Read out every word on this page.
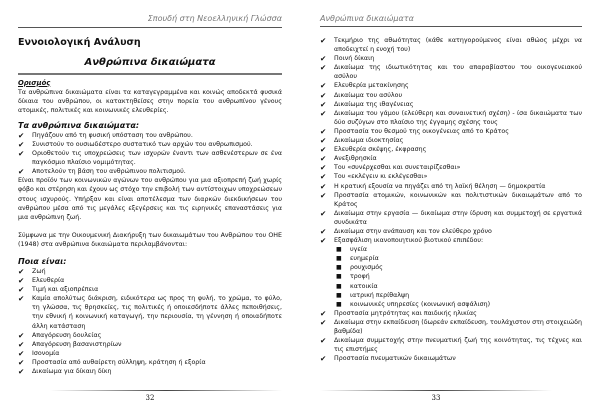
Σπουδή στη Νεοελληνική Γλώσσα
Εννοιολογική Ανάλυση
Ανθρώπινα δικαιώματα
Ορισμός

Τα ανθρώπινα δικαιώματα είναι τα καταγεγραμμένα και κοινώς αποδεκτά φυσικά δίκαια του ανθρώπου, οι κατακτηθείσες στην πορεία του ανθρωπίνου γένους ατομικές, πολιτικές και κοινωνικές ελευθερίες.

Τα ανθρώπινα δικαιώματα:
✔ Πηγάζουν από τη φυσική υπόσταση του ανθρώπου.
✔ Συνιστούν το ουσιωδέστερο συστατικό των αρχών του ανθρωπισμού.
✔ Οριοθετούν τις υποχρεώσεις των ισχυρών έναντι των ασθενέστερων σε ένα παγκόσμιο πλαίσιο νομιμότητας.
✔ Αποτελούν τη βάση του ανθρώπινου πολιτισμού.

Είναι προϊόν των κοινωνικών αγώνων του ανθρώπου για μια αξιοπρεπή ζωή χωρίς φόβο και στέρηση και έχουν ως στόχο την επιβολή των αντίστοιχων υποχρεώσεων στους ισχυρούς. Υπήρξαν και είναι αποτέλεσμα των διαρκών διεκδικήσεων του ανθρώπου μέσα από τις μεγάλες εξεγέρσεις και τις ειρηνικές επαναστάσεις για μια ανθρώπινη ζωή.

Σύμφωνα με την Οικουμενική Διακήρυξη των δικαιωμάτων του Ανθρώπου του ΟΗΕ (1948) στα ανθρώπινα δικαιώματα περιλαμβάνονται:

Ποια είναι:
✔ Ζωή
✔ Ελευθερία
✔ Τιμή και αξιοπρέπεια
✔ Καμία απολύτως διάκριση, ειδικότερα ως προς τη φυλή, το χρώμα, το φύλο, τη γλώσσα, τις θρησκείες, τις πολιτικές ή οποιεσδήποτε άλλες πεποιθήσεις, την εθνική ή κοινωνική καταγωγή, την περιουσία, τη γέννηση ή οποιαδήποτε άλλη κατάσταση
✔ Απαγόρευση δουλείας
✔ Απαγόρευση βασανιστηρίων
✔ Ισονομία
✔ Προστασία από αυθαίρετη σύλληψη, κράτηση ή εξορία
✔ Δικαίωμα για δίκαιη δίκη
32
Ανθρώπινα δικαιώματα
✔ Τεκμήριο της αθωότητας (κάθε κατηγορούμενος είναι αθώος μέχρι να αποδειχτεί η ενοχή του)
✔ Ποινή δίκαιη
✔ Δικαίωμα της ιδιωτικότητας και του απαραβίαστου του οικογενειακού ασύλου
✔ Ελευθερία μετακίνησης
✔ Δικαίωμα του ασύλου
✔ Δικαίωμα της ιθαγένειας
✔ Δικαίωμα του γάμου (ελεύθερη και συναινετική σχέση) - ίσα δικαιώματα των δύο συζύγων στο πλαίσιο της έγγαμης σχέσης τους
✔ Προστασία του θεσμού της οικογένειας από το Κράτος
✔ Δικαίωμα ιδιοκτησίας
✔ Ελευθερία σκέψης, έκφρασης
✔ Ανεξιθρησκία
✔ Του «συνέρχεσθαι και συνεταιρίζεσθαι»
✔ Του «εκλέγειν κι εκλέγεσθαι»
✔ Η κρατική εξουσία να πηγάζει από τη λαϊκή θέληση — δημοκρατία
✔ Προστασία ατομικών, κοινωνικών και πολιτιστικών δικαιωμάτων από το Κράτος
✔ Δικαίωμα στην εργασία — δικαίωμα στην ίδρυση και συμμετοχή σε εργατικά συνδικάτα
✔ Δικαίωμα στην ανάπαυση και τον ελεύθερο χρόνο
✔ Εξασφάλιση ικανοποιητικού βιοτικού επιπέδου:
■ υγεία
■ ευημερία
■ ρουχισμός
■ τροφή
■ κατοικία
■ ιατρική περίθαλψη
■ κοινωνικές υπηρεσίες (κοινωνική ασφάλιση)
✔ Προστασία μητρότητας και παιδικής ηλικίας
✔ Δικαίωμα στην εκπαίδευση (δωρεάν εκπαίδευση, τουλάχιστον στη στοιχειώδη βαθμίδα)
✔ Δικαίωμα συμμετοχής στην πνευματική ζωή της κοινότητας, τις τέχνες και τις επιστήμες
✔ Προστασία πνευματικών δικαιωμάτων
33
